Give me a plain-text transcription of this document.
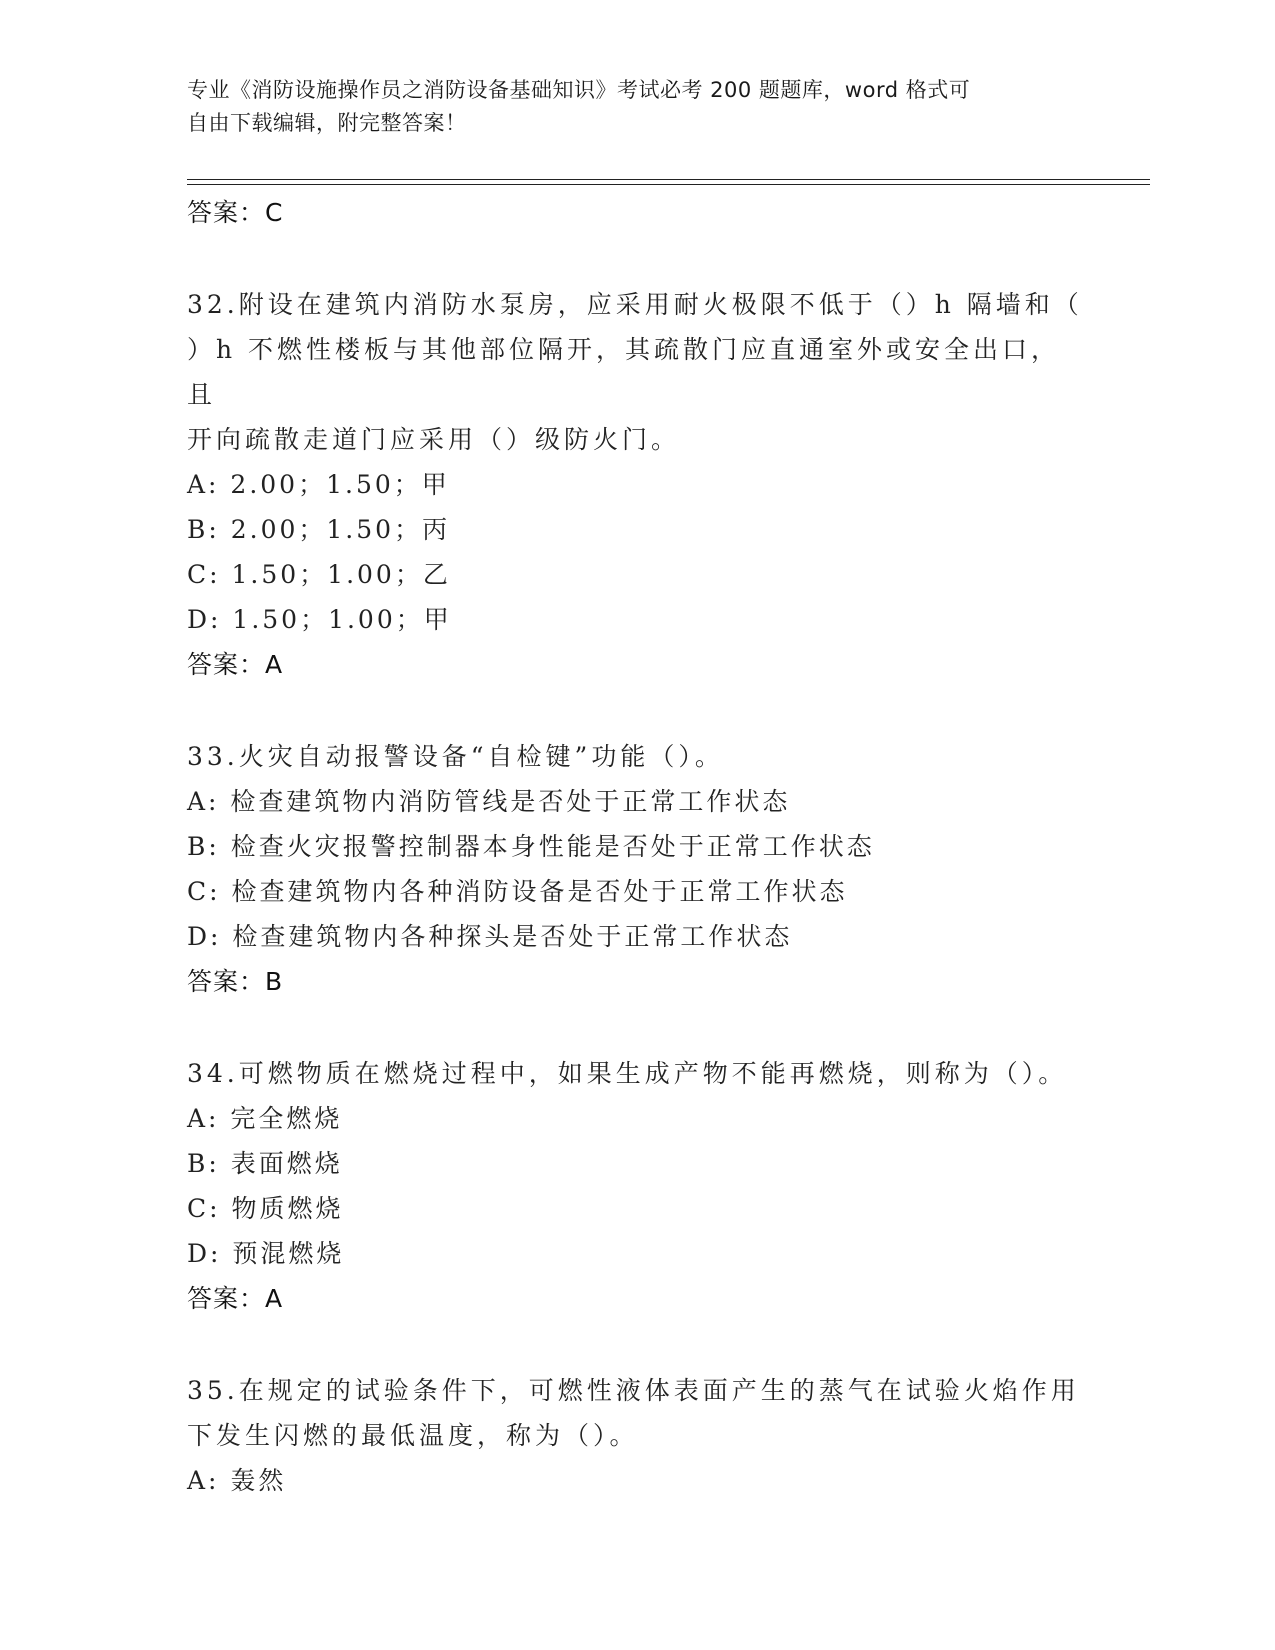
专业《消防设施操作员之消防设备基础知识》考试必考 200 题题库，word 格式可
自由下载编辑，附完整答案！
答案：C
32.附设在建筑内消防水泵房，应采用耐火极限不低于（）h 隔墙和（
）h 不燃性楼板与其他部位隔开，其疏散门应直通室外或安全出口，且
开向疏散走道门应采用（）级防火门。
A: 2.00；1.50；甲
B: 2.00；1.50；丙
C: 1.50；1.00；乙
D: 1.50；1.00；甲
答案：A
33.火灾自动报警设备“自检键”功能（）。
A: 检查建筑物内消防管线是否处于正常工作状态
B: 检查火灾报警控制器本身性能是否处于正常工作状态
C: 检查建筑物内各种消防设备是否处于正常工作状态
D: 检查建筑物内各种探头是否处于正常工作状态
答案：B
34.可燃物质在燃烧过程中，如果生成产物不能再燃烧，则称为（）。
A: 完全燃烧
B: 表面燃烧
C: 物质燃烧
D: 预混燃烧
答案：A
35.在规定的试验条件下，可燃性液体表面产生的蒸气在试验火焰作用
下发生闪燃的最低温度，称为（）。
A: 轰然
